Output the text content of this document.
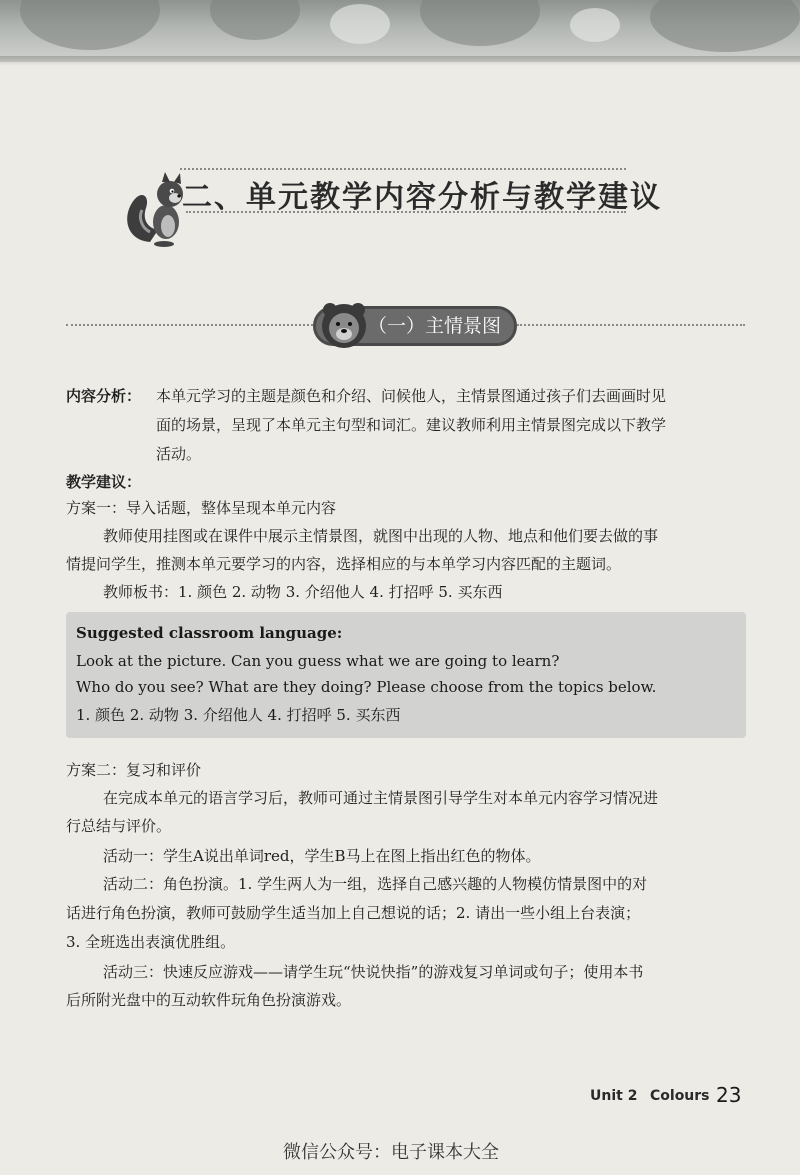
二、单元教学内容分析与教学建议
（一）主情景图
内容分析： 本单元学习的主题是颜色和介绍、问候他人，主情景图通过孩子们去画画时见
面的场景，呈现了本单元主句型和词汇。建议教师利用主情景图完成以下教学
活动。
教学建议：
方案一：导入话题，整体呈现本单元内容
教师使用挂图或在课件中展示主情景图，就图中出现的人物、地点和他们要去做的事
情提问学生，推测本单元要学习的内容，选择相应的与本单学习内容匹配的主题词。
教师板书：1. 颜色 2. 动物 3. 介绍他人 4. 打招呼 5. 买东西
Suggested classroom language:
Look at the picture. Can you guess what we are going to learn?
Who do you see? What are they doing? Please choose from the topics below.
1. 颜色 2. 动物 3. 介绍他人 4. 打招呼 5. 买东西
方案二：复习和评价
在完成本单元的语言学习后，教师可通过主情景图引导学生对本单元内容学习情况进
行总结与评价。
活动一：学生A说出单词red，学生B马上在图上指出红色的物体。
活动二：角色扮演。1. 学生两人为一组，选择自己感兴趣的人物模仿情景图中的对
话进行角色扮演，教师可鼓励学生适当加上自己想说的话；2. 请出一些小组上台表演；
3. 全班选出表演优胜组。
活动三：快速反应游戏——请学生玩“快说快指”的游戏复习单词或句子；使用本书
后所附光盘中的互动软件玩角色扮演游戏。
Unit 2 Colours 23
微信公众号：电子课本大全
